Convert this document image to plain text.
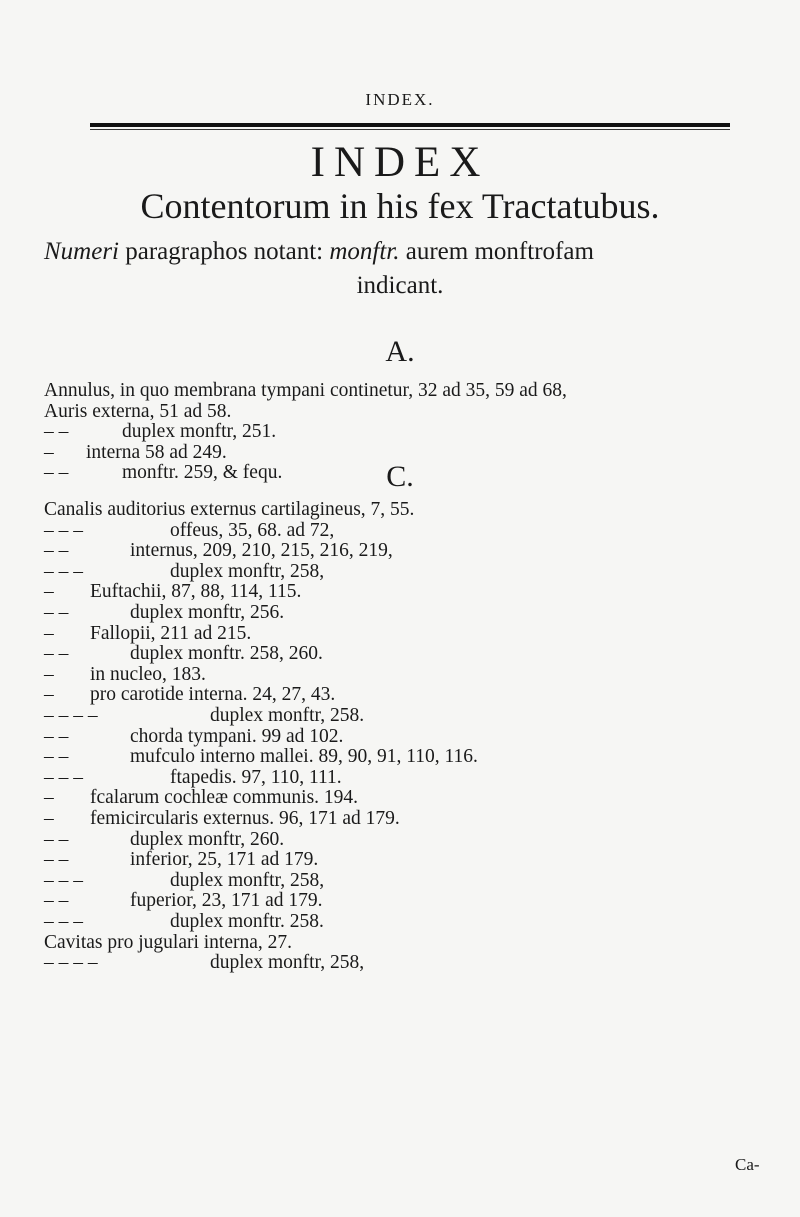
INDEX.
INDEX
Contentorum in his fex Tractatubus.
Numeri paragraphos notant: monftr. aurem monftrofam
indicant.
A.
C.
Annulus, in quo membrana tympani continetur, 32 ad 35, 59 ad 68,
Auris externa, 51 ad 58.
– –	duplex monftr, 251.
– interna 58 ad 249.
– –	monftr. 259, & fequ.
Canalis auditorius externus cartilagineus, 7, 55.
– – –	offeus, 35, 68. ad 72,
– –	internus, 209, 210, 215, 216, 219,
– – –	duplex monftr, 258,
– Euftachii, 87, 88, 114, 115.
– –	duplex monftr, 256.
– Fallopii, 211 ad 215.
– –	duplex monftr. 258, 260.
– in nucleo, 183.
– pro carotide interna. 24, 27, 43.
– – – –	duplex monftr, 258.
– –	chorda tympani. 99 ad 102.
– –	mufculo interno mallei. 89, 90, 91, 110, 116.
– – –	ftapedis. 97, 110, 111.
– fcalarum cochleæ communis. 194.
– femicircularis externus. 96, 171 ad 179.
– –	duplex monftr, 260.
– –	inferior, 25, 171 ad 179.
– – –	duplex monftr, 258,
– –	fuperior, 23, 171 ad 179.
– – –	duplex monftr. 258.
Cavitas pro jugulari interna, 27.
– – – –	duplex monftr, 258,
Ca-
